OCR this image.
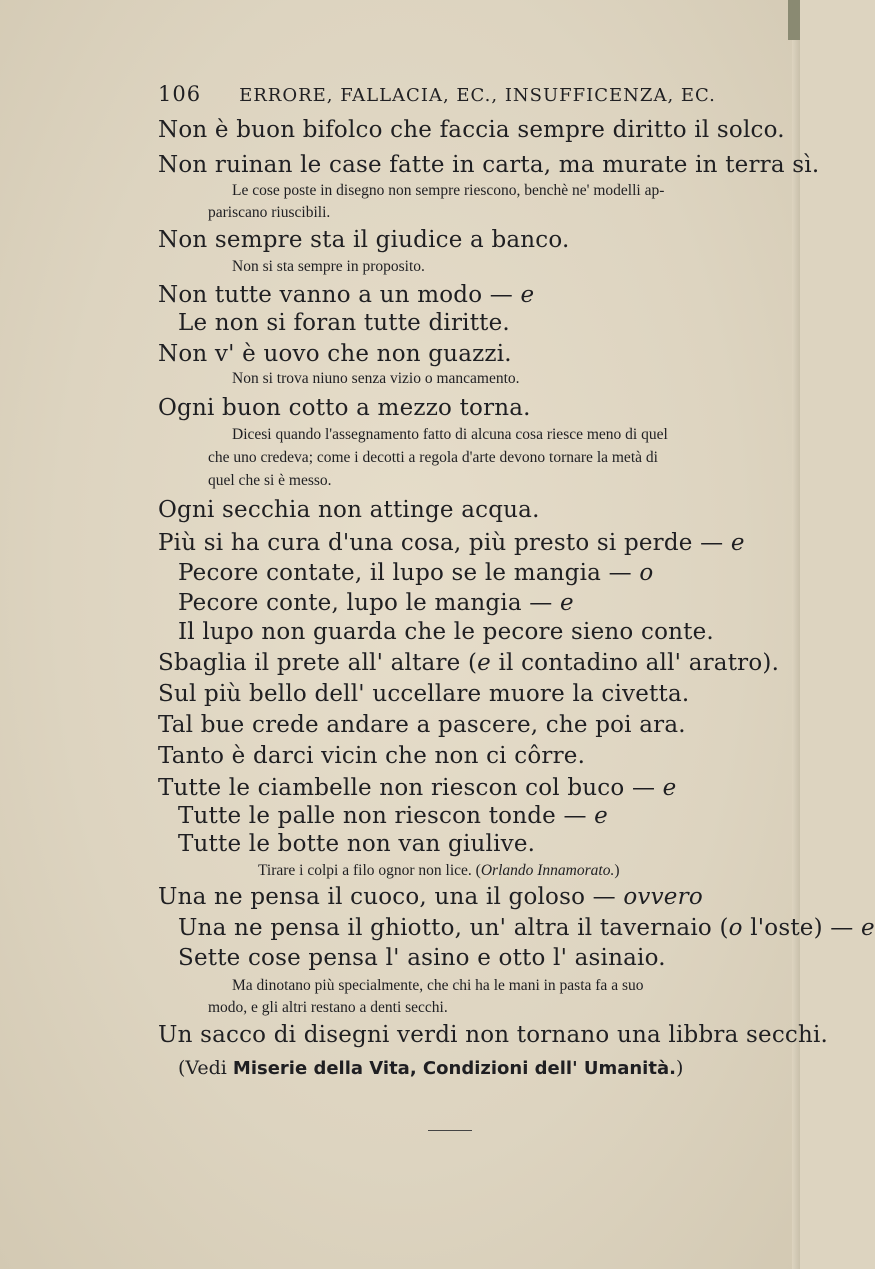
106 ERRORE, FALLACIA, EC., INSUFFICENZA, EC.
Non è buon bifolco che faccia sempre diritto il solco.
Non ruinan le case fatte in carta, ma murate in terra sì.
Le cose poste in disegno non sempre riescono, benchè ne' modelli ap-
pariscano riuscibili.
Non sempre sta il giudice a banco.
Non si sta sempre in proposito.
Non tutte vanno a un modo — e
Le non si foran tutte diritte.
Non v' è uovo che non guazzi.
Non si trova niuno senza vizio o mancamento.
Ogni buon cotto a mezzo torna.
Dicesi quando l'assegnamento fatto di alcuna cosa riesce meno di quel
che uno credeva; come i decotti a regola d'arte devono tornare la metà di
quel che si è messo.
Ogni secchia non attinge acqua.
Più si ha cura d'una cosa, più presto si perde — e
Pecore contate, il lupo se le mangia — o
Pecore conte, lupo le mangia — e
Il lupo non guarda che le pecore sieno conte.
Sbaglia il prete all' altare (e il contadino all' aratro).
Sul più bello dell' uccellare muore la civetta.
Tal bue crede andare a pascere, che poi ara.
Tanto è darci vicin che non ci côrre.
Tutte le ciambelle non riescon col buco — e
Tutte le palle non riescon tonde — e
Tutte le botte non van giulive.
Tirare i colpi a filo ognor non lice. (Orlando Innamorato.)
Una ne pensa il cuoco, una il goloso — ovvero
Una ne pensa il ghiotto, un' altra il tavernaio (o l'oste) — e
Sette cose pensa l' asino e otto l' asinaio.
Ma dinotano più specialmente, che chi ha le mani in pasta fa a suo
modo, e gli altri restano a denti secchi.
Un sacco di disegni verdi non tornano una libbra secchi.
(Vedi Miserie della Vita, Condizioni dell' Umanità.)
